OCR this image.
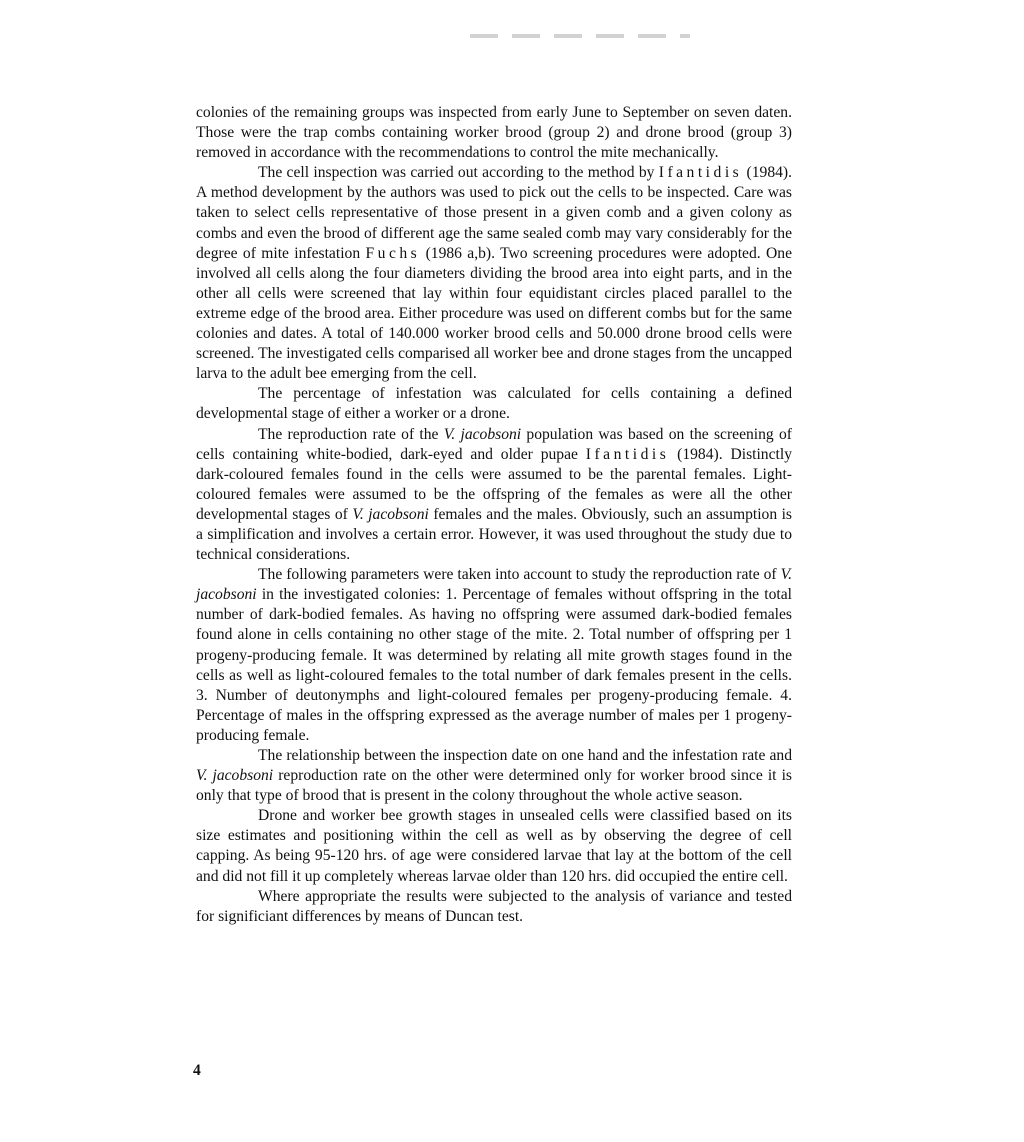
colonies of the remaining groups was inspected from early June to September on seven daten. Those were the trap combs containing worker brood (group 2) and drone brood (group 3) removed in accordance with the recommendations to control the mite mechanically.

The cell inspection was carried out according to the method by Ifantidis (1984). A method development by the authors was used to pick out the cells to be inspected. Care was taken to select cells representative of those present in a given comb and a given colony as combs and even the brood of different age the same sealed comb may vary considerably for the degree of mite infestation Fuchs (1986 a,b). Two screening procedures were adopted. One involved all cells along the four diameters dividing the brood area into eight parts, and in the other all cells were screened that lay within four equidistant circles placed parallel to the extreme edge of the brood area. Either procedure was used on different combs but for the same colonies and dates. A total of 140.000 worker brood cells and 50.000 drone brood cells were screened. The investigated cells comparised all worker bee and drone stages from the uncapped larva to the adult bee emerging from the cell.

The percentage of infestation was calculated for cells containing a defined developmental stage of either a worker or a drone.

The reproduction rate of the V. jacobsoni population was based on the screening of cells containing white-bodied, dark-eyed and older pupae Ifantidis (1984). Distinctly dark-coloured females found in the cells were assumed to be the parental females. Light-coloured females were assumed to be the offspring of the females as were all the other developmental stages of V. jacobsoni females and the males. Obviously, such an assumption is a simplification and involves a certain error. However, it was used throughout the study due to technical considerations.

The following parameters were taken into account to study the reproduction rate of V. jacobsoni in the investigated colonies: 1. Percentage of females without offspring in the total number of dark-bodied females. As having no offspring were assumed dark-bodied females found alone in cells containing no other stage of the mite. 2. Total number of offspring per 1 progeny-producing female. It was determined by relating all mite growth stages found in the cells as well as light-coloured females to the total number of dark females present in the cells. 3. Number of deutonymphs and light-coloured females per progeny-producing female. 4. Percentage of males in the offspring expressed as the average number of males per 1 progeny-producing female.

The relationship between the inspection date on one hand and the infestation rate and V. jacobsoni reproduction rate on the other were determined only for worker brood since it is only that type of brood that is present in the colony throughout the whole active season.

Drone and worker bee growth stages in unsealed cells were classified based on its size estimates and positioning within the cell as well as by observing the degree of cell capping. As being 95-120 hrs. of age were considered larvae that lay at the bottom of the cell and did not fill it up completely whereas larvae older than 120 hrs. did occupied the entire cell.

Where appropriate the results were subjected to the analysis of variance and tested for significiant differences by means of Duncan test.

4
